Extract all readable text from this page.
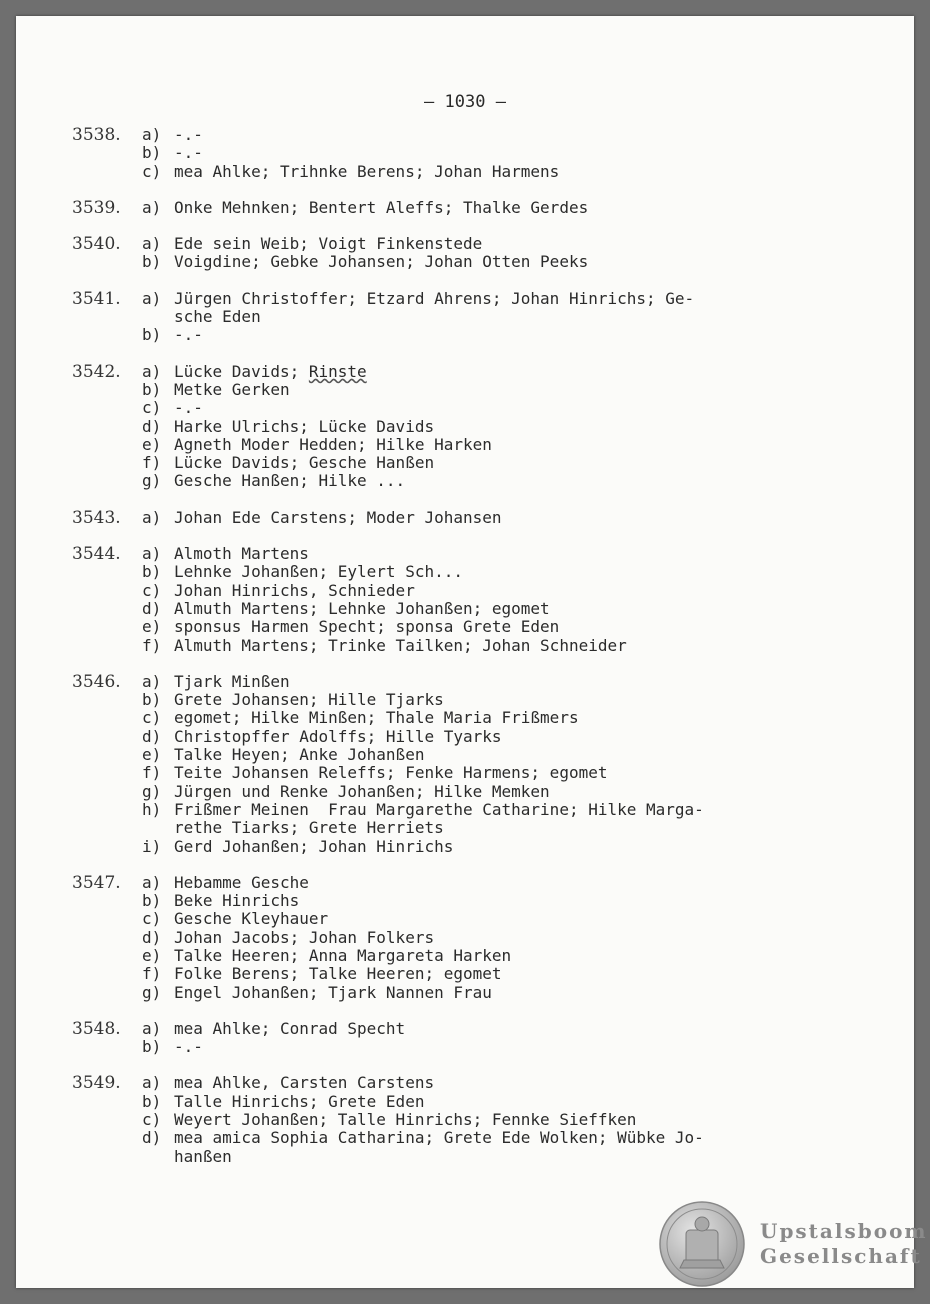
– 1030 –
3538.	a) -.-
b) -.-
c) mea Ahlke; Trihnke Berens; Johan Harmens
3539.	a) Onke Mehnken; Bentert Aleffs; Thalke Gerdes
3540.	a) Ede sein Weib; Voigt Finkenstede
b) Voigdine; Gebke Johansen; Johan Otten Peeks
3541.	a) Jürgen Christoffer; Etzard Ahrens; Johan Hinrichs; Ge-
sche Eden
b) -.-
3542.	a) Lücke Davids; Rinste
b) Metke Gerken
c) -.-
d) Harke Ulrichs; Lücke Davids
e) Agneth Moder Hedden; Hilke Harken
f) Lücke Davids; Gesche Hanßen
g) Gesche Hanßen; Hilke ...
3543.	a) Johan Ede Carstens; Moder Johansen
3544.	a) Almoth Martens
b) Lehnke Johanßen; Eylert Sch...
c) Johan Hinrichs, Schnieder
d) Almuth Martens; Lehnke Johanßen; egomet
e) sponsus Harmen Specht; sponsa Grete Eden
f) Almuth Martens; Trinke Tailken; Johan Schneider
3546.	a) Tjark Minßen
b) Grete Johansen; Hille Tjarks
c) egomet; Hilke Minßen; Thale Maria Frißmers
d) Christopffer Adolffs; Hille Tyarks
e) Talke Heyen; Anke Johanßen
f) Teite Johansen Releffs; Fenke Harmens; egomet
g) Jürgen und Renke Johanßen; Hilke Memken
h) Frißmer Meinen  Frau Margarethe Catharine; Hilke Marga-
rethe Tiarks; Grete Herriets
i) Gerd Johanßen; Johan Hinrichs
3547.	a) Hebamme Gesche
b) Beke Hinrichs
c) Gesche Kleyhauer
d) Johan Jacobs; Johan Folkers
e) Talke Heeren; Anna Margareta Harken
f) Folke Berens; Talke Heeren; egomet
g) Engel Johanßen; Tjark Nannen Frau
3548.	a) mea Ahlke; Conrad Specht
b) -.-
3549.	a) mea Ahlke, Carsten Carstens
b) Talle Hinrichs; Grete Eden
c) Weyert Johanßen; Talle Hinrichs; Fennke Sieffken
d) mea amica Sophia Catharina; Grete Ede Wolken; Wübke Jo-
hanßen
Upstalsboom
Gesellschaft
